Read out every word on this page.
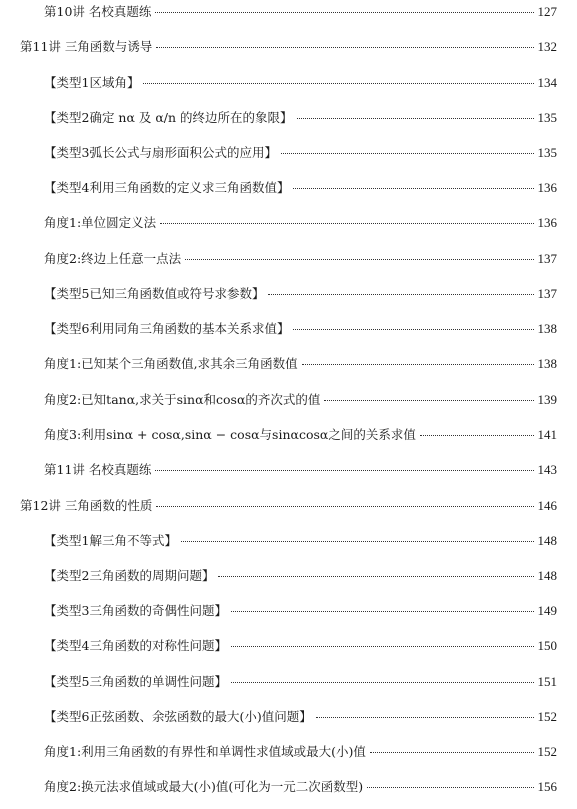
第10讲 名校真题练	127
第11讲 三角函数与诱导	132
【类型1区域角】	134
【类型2确定 nα 及 α/n 的终边所在的象限】	135
【类型3弧长公式与扇形面积公式的应用】	135
【类型4利用三角函数的定义求三角函数值】	136
角度1:单位圆定义法	136
角度2:终边上任意一点法	137
【类型5已知三角函数值或符号求参数】	137
【类型6利用同角三角函数的基本关系求值】	138
角度1:已知某个三角函数值,求其余三角函数值	138
角度2:已知tanα,求关于sinα和cosα的齐次式的值	139
角度3:利用sinα + cosα,sinα − cosα与sinαcosα之间的关系求值	141
第11讲 名校真题练	143
第12讲 三角函数的性质	146
【类型1解三角不等式】	148
【类型2三角函数的周期问题】	148
【类型3三角函数的奇偶性问题】	149
【类型4三角函数的对称性问题】	150
【类型5三角函数的单调性问题】	151
【类型6正弦函数、余弦函数的最大(小)值问题】	152
角度1:利用三角函数的有界性和单调性求值域或最大(小)值	152
角度2:换元法求值域或最大(小)值(可化为一元二次函数型)	156
